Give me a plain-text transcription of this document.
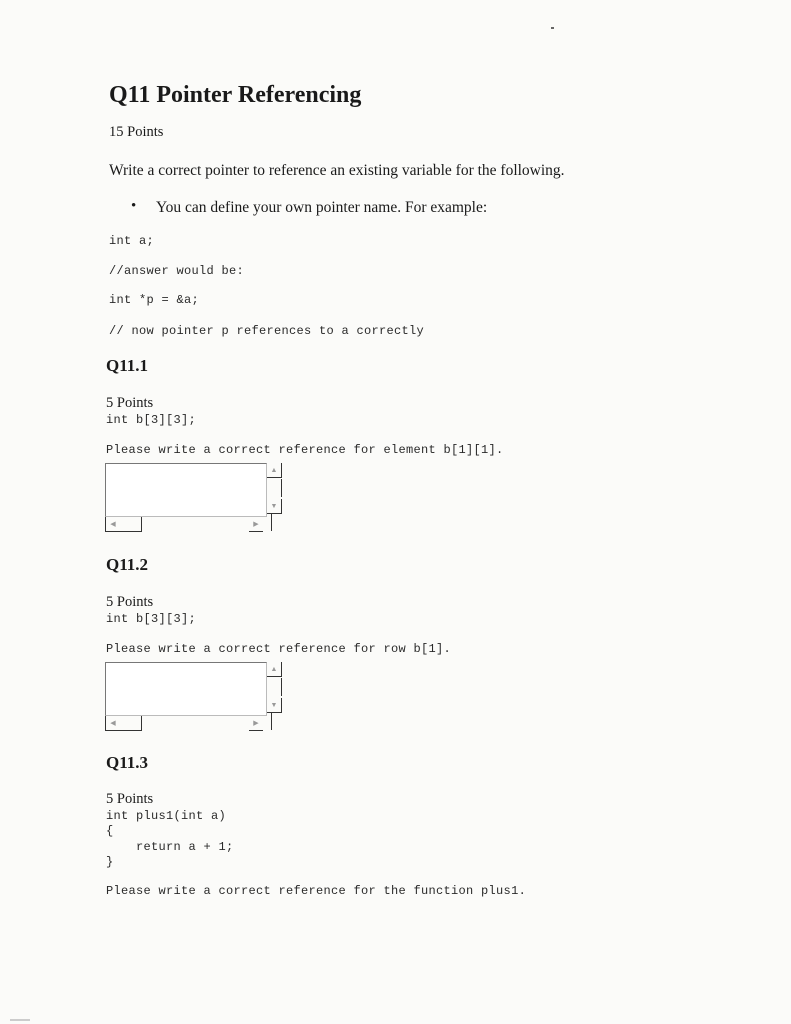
Q11 Pointer Referencing
15 Points
Write a correct pointer to reference an existing variable for the following.

•

You can define your own pointer name. For example:

int a;
//answer would be:
int *p = &a;
// now pointer p references to a correctly
Q11.1
5 Points
int b[3][3];
Please write a correct reference for element b[1][1].
▲
▼
◀	▶
Q11.2
5 Points
int b[3][3];
Please write a correct reference for row b[1].
▲
▼
◀	▶
Q11.3
5 Points
int plus1(int a)
{
return a + 1;
}
Please write a correct reference for the function plus1.
